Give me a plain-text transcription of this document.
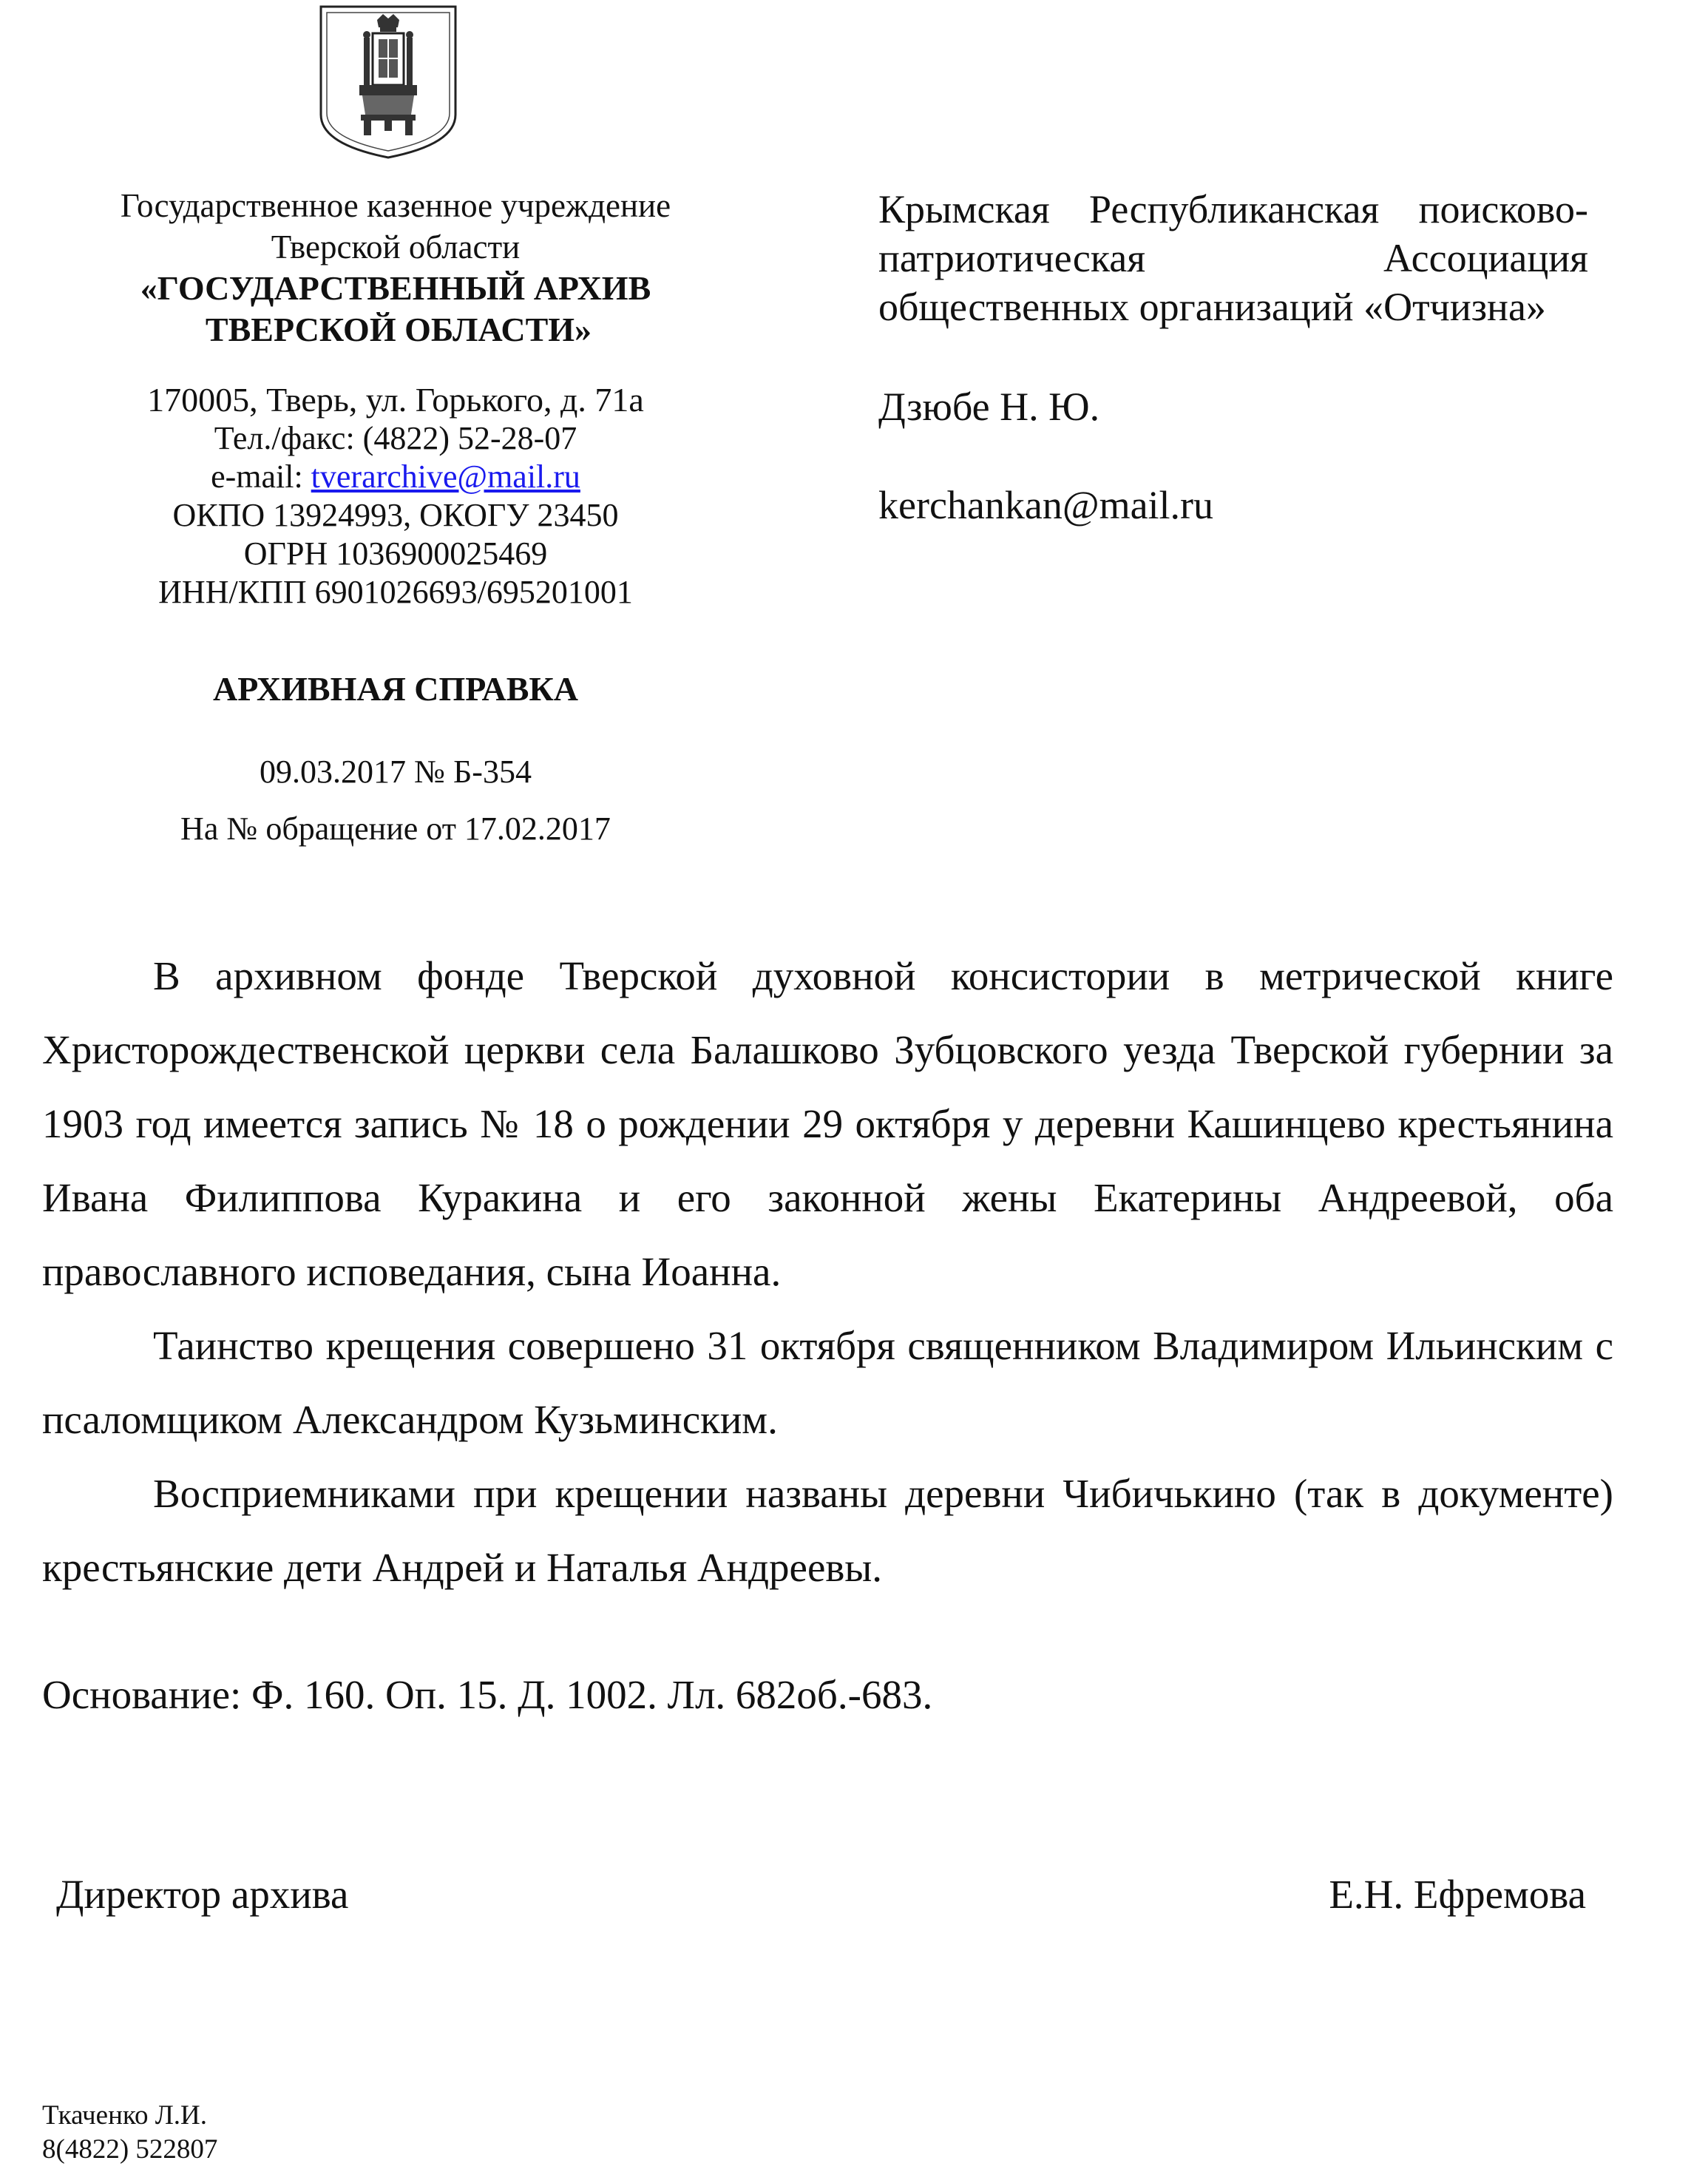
Государственное казенное учреждение
Тверской области
«ГОСУДАРСТВЕННЫЙ АРХИВ
ТВЕРСКОЙ ОБЛАСТИ»
170005, Тверь, ул. Горького, д. 71а
Тел./факс: (4822) 52-28-07
e-mail: tverarchive@mail.ru
ОКПО 13924993, ОКОГУ 23450
ОГРН 1036900025469
ИНН/КПП 6901026693/695201001
Крымская Республиканская поисково-патриотическая Ассоциация общественных организаций «Отчизна»
Дзюбе Н. Ю.
kerchankan@mail.ru
АРХИВНАЯ СПРАВКА
09.03.2017 № Б-354
На № обращение от 17.02.2017

В архивном фонде Тверской духовной консистории в метрической книге Христорождественской церкви села Балашково Зубцовского уезда Тверской губернии за 1903 год имеется запись № 18 о рождении 29 октября у деревни Кашинцево крестьянина Ивана Филиппова Куракина и его законной жены Екатерины Андреевой, оба православного исповедания, сына Иоанна.

Таинство крещения совершено 31 октября священником Владимиром Ильинским с псаломщиком Александром Кузьминским.

Восприемниками при крещении названы деревни Чибичькино (так в документе) крестьянские дети Андрей и Наталья Андреевы.

Основание: Ф. 160. Оп. 15. Д. 1002. Лл. 682об.-683.
Директор архива	Е.Н. Ефремова
Ткаченко Л.И.
8(4822) 522807
